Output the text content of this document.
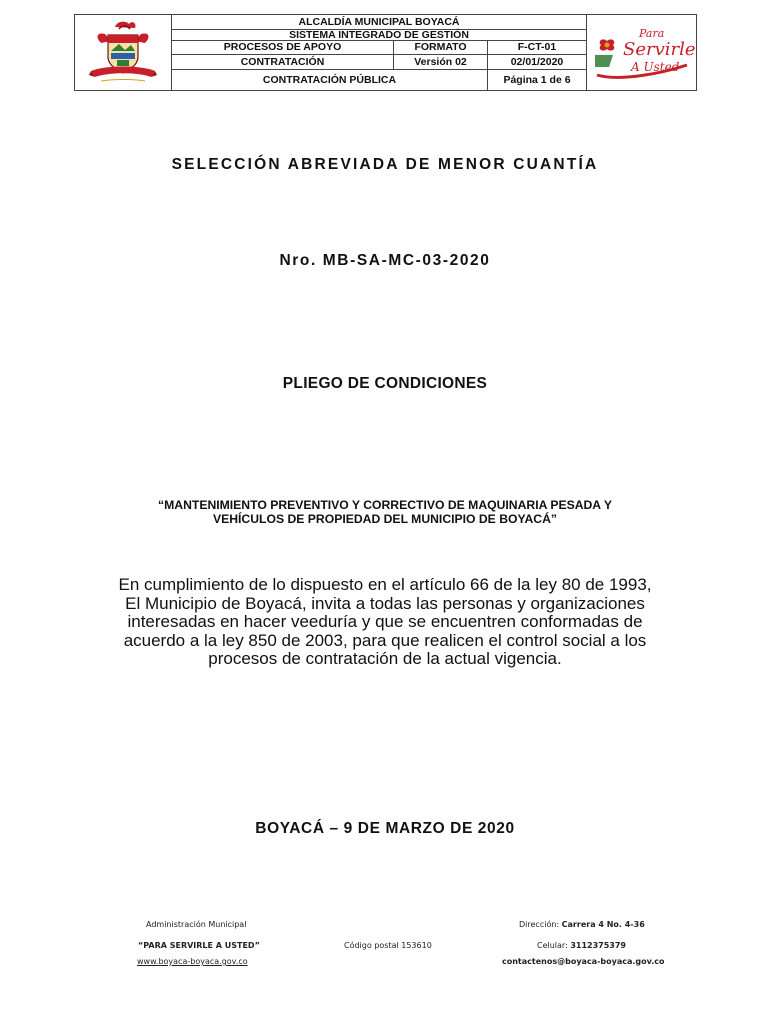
ALCALDÍA MUNICIPAL BOYACÁ
SISTEMA INTEGRADO DE GESTIÓN
PROCESOS DE APOYO	FORMATO	F-CT-01
CONTRATACIÓN	Versión 02	02/01/2020
CONTRATACIÓN PÚBLICA	Página 1 de 6
Para
Servirle
A Usted
SELECCIÓN ABREVIADA DE MENOR CUANTÍA
Nro. MB-SA-MC-03-2020
PLIEGO DE CONDICIONES
“MANTENIMIENTO PREVENTIVO Y CORRECTIVO DE MAQUINARIA PESADA Y
VEHÍCULOS DE PROPIEDAD DEL MUNICIPIO DE BOYACÁ”
En cumplimiento de lo dispuesto en el artículo 66 de la ley 80 de 1993,
El Municipio de Boyacá, invita a todas las personas y organizaciones
interesadas en hacer veeduría y que se encuentren conformadas de
acuerdo a la ley 850 de 2003, para que realicen el control social a los
procesos de contratación de la actual vigencia.
BOYACÁ – 9 DE MARZO DE 2020
Administración Municipal
“PARA SERVIRLE A USTED”
www.boyaca-boyaca.gov.co
Código postal 153610
Dirección: Carrera 4 No. 4-36
Celular: 3112375379
contactenos@boyaca-boyaca.gov.co
